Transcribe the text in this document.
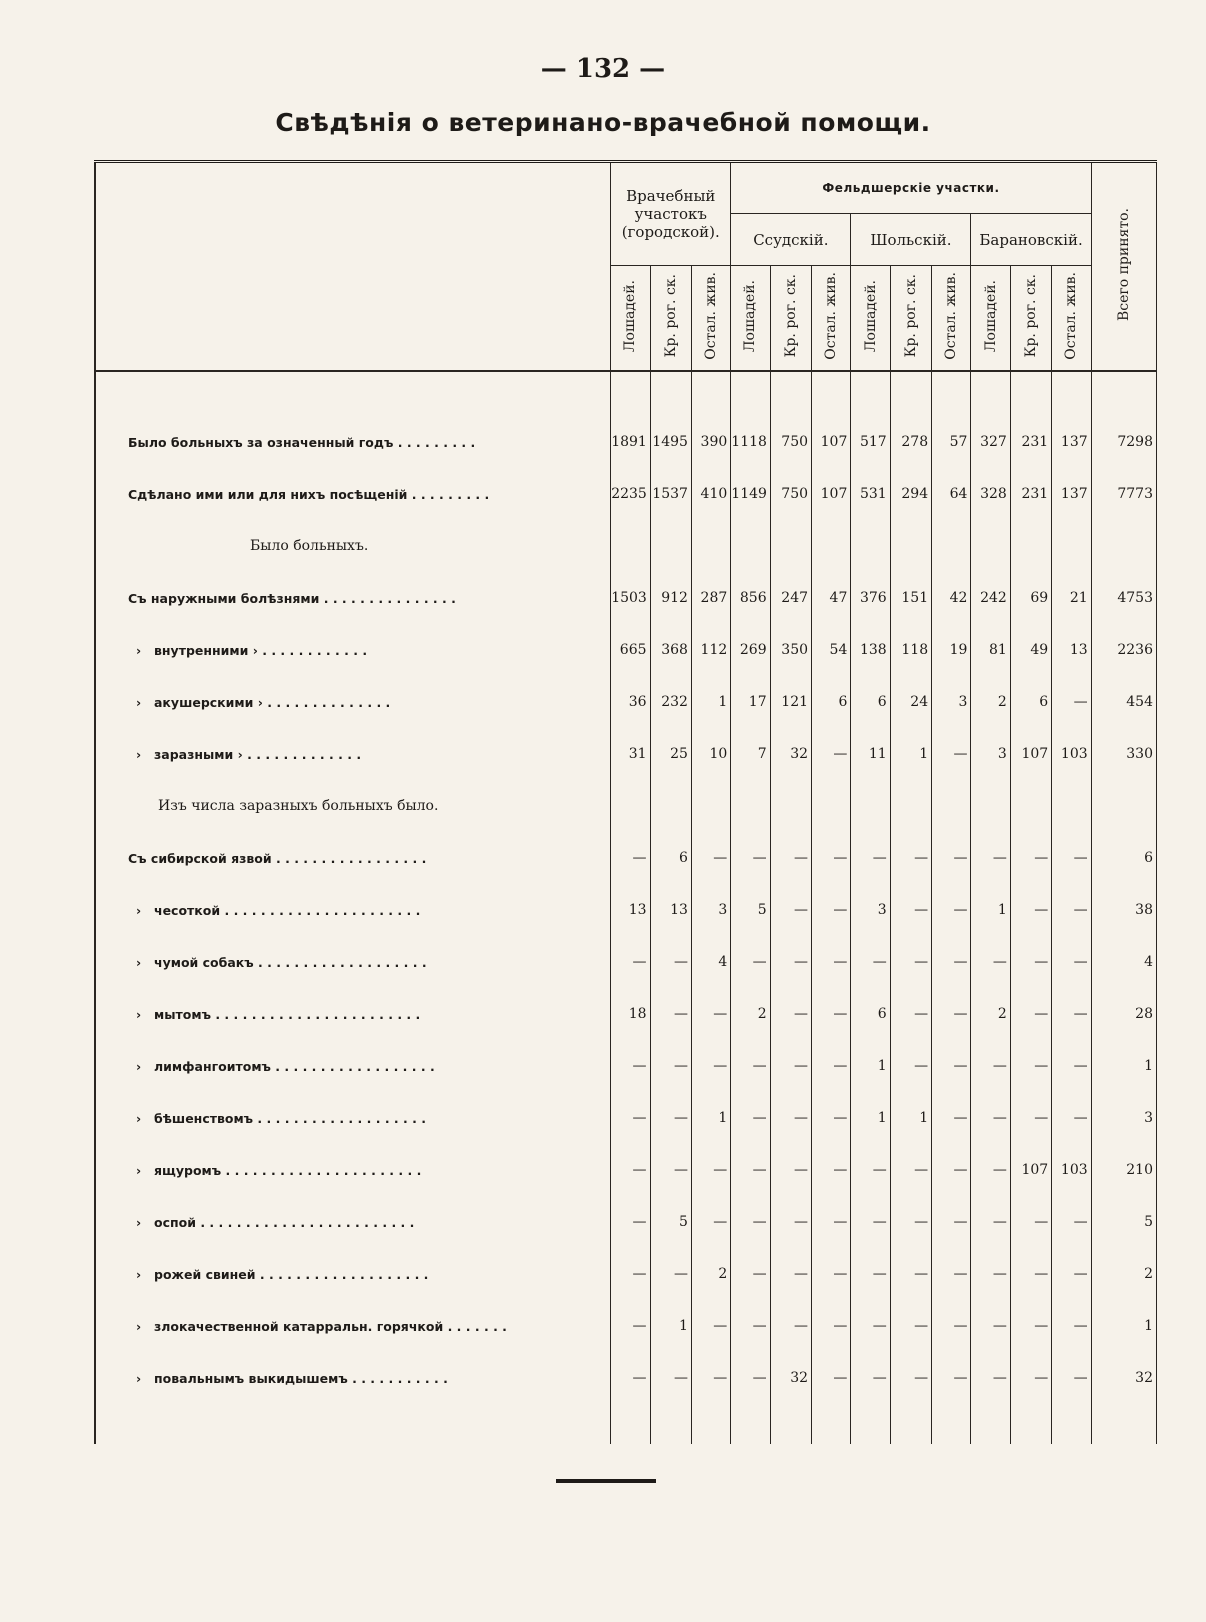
— 132 —
Свѣдѣнія о ветеринано-врачебной помощи.
	Врачебный участокъ (городской).			Фельдшерскіе участки.									Всего принято.
				Ссудскій.			Шольскій.			Барановскій.			
	Лошадей.	Кр. рог. ск.	Остал. жив.	Лошадей.	Кр. рог. ск.	Остал. жив.	Лошадей.	Кр. рог. ск.	Остал. жив.	Лошадей.	Кр. рог. ск.	Остал. жив.	

Было больныхъ за означенный годъ . . . . . . . . .	1891	1495	390	1118	750	107	517	278	57	327	231	137	7298
Сдѣлано ими или для нихъ посѣщеній . . . . . . . . .	2235	1537	410	1149	750	107	531	294	64	328	231	137	7773
Было больныхъ.													
Съ наружными болѣзнями . . . . . . . . . . . . . . .	1503	912	287	856	247	47	376	151	42	242	69	21	4753
› внутренними › . . . . . . . . . . . .	665	368	112	269	350	54	138	118	19	81	49	13	2236
› акушерскими › . . . . . . . . . . . . . .	36	232	1	17	121	6	6	24	3	2	6	—	454
› заразными › . . . . . . . . . . . . .	31	25	10	7	32	—	11	1	—	3	107	103	330
Изъ числа заразныхъ больныхъ было.													
Съ сибирской язвой . . . . . . . . . . . . . . . . .	—	6	—	—	—	—	—	—	—	—	—	—	6
› чесоткой . . . . . . . . . . . . . . . . . . . . . .	13	13	3	5	—	—	3	—	—	1	—	—	38
› чумой собакъ . . . . . . . . . . . . . . . . . . .	—	—	4	—	—	—	—	—	—	—	—	—	4
› мытомъ . . . . . . . . . . . . . . . . . . . . . . .	18	—	—	2	—	—	6	—	—	2	—	—	28
› лимфангоитомъ . . . . . . . . . . . . . . . . . .	—	—	—	—	—	—	1	—	—	—	—	—	1
› бѣшенствомъ . . . . . . . . . . . . . . . . . . .	—	—	1	—	—	—	1	1	—	—	—	—	3
› ящуромъ . . . . . . . . . . . . . . . . . . . . . .	—	—	—	—	—	—	—	—	—	—	107	103	210
› оспой . . . . . . . . . . . . . . . . . . . . . . . .	—	5	—	—	—	—	—	—	—	—	—	—	5
› рожей свиней . . . . . . . . . . . . . . . . . . .	—	—	2	—	—	—	—	—	—	—	—	—	2
› злокачественной катарральн. горячкой . . . . . . .	—	1	—	—	—	—	—	—	—	—	—	—	1
› повальнымъ выкидышемъ . . . . . . . . . . .	—	—	—	—	32	—	—	—	—	—	—	—	32
